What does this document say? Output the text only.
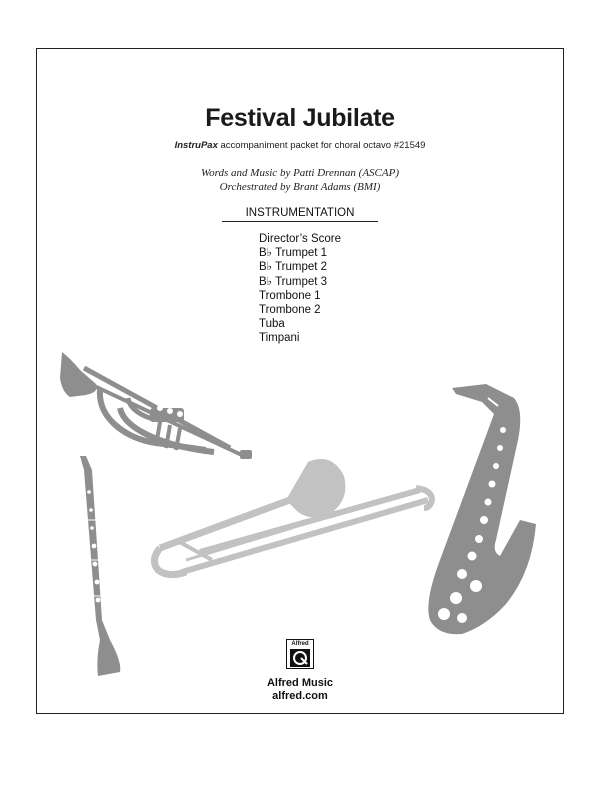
Festival Jubilate
InstruPax accompaniment packet for choral octavo #21549
Words and Music by Patti Drennan (ASCAP)
Orchestrated by Brant Adams (BMI)
INSTRUMENTATION
Director’s Score
B♭ Trumpet 1
B♭ Trumpet 2
B♭ Trumpet 3
Trombone 1
Trombone 2
Tuba
Timpani
Alfred
Alfred Music
alfred.com
